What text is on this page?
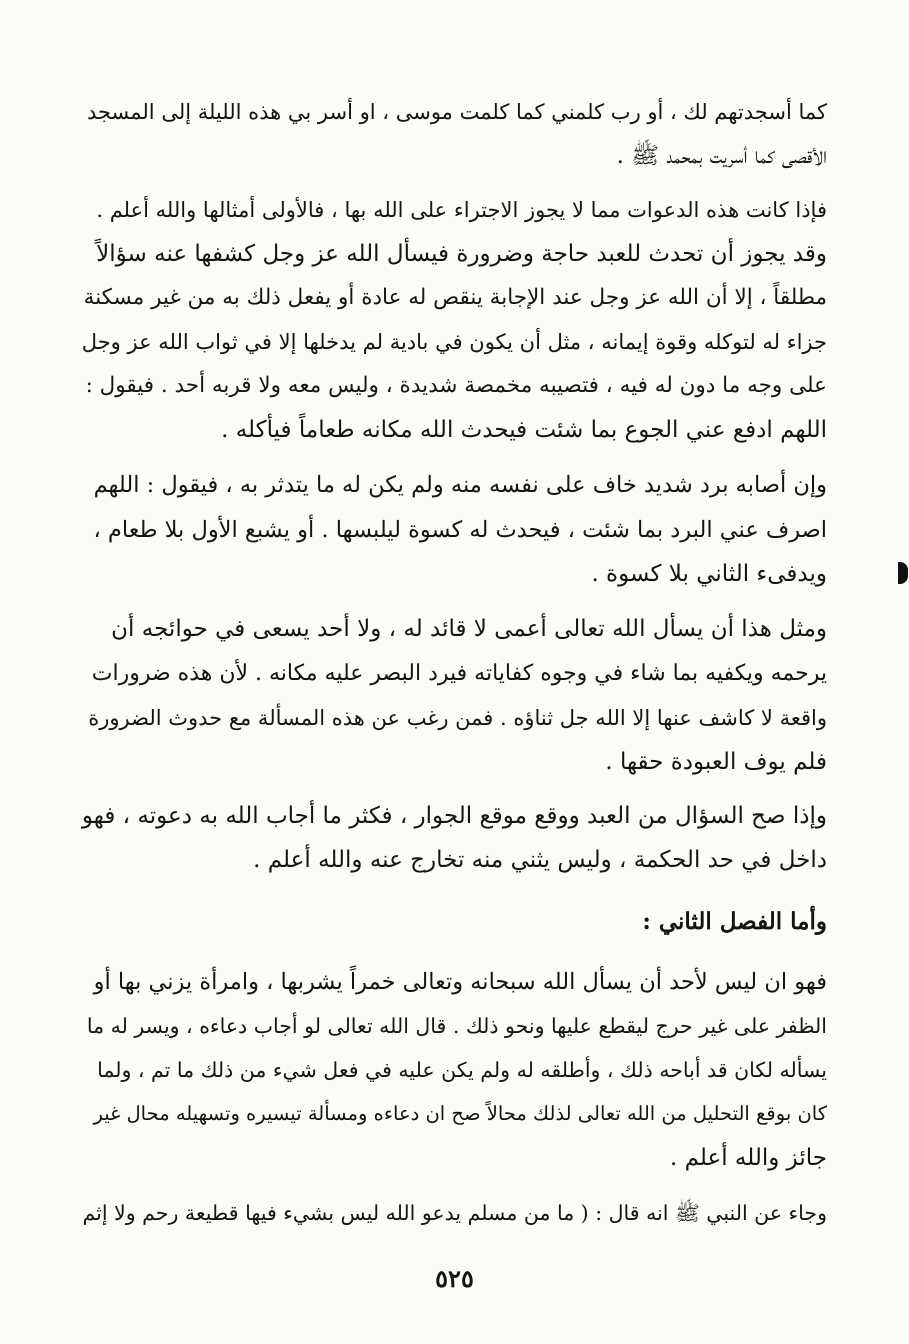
كما أسجدتهم لك ، أو رب كلمني كما كلمت موسى ، او أسر بي هذه الليلة إلى المسجد
الأقصى كما أسريت بمحمد ﷺ .
فإذا كانت هذه الدعوات مما لا يجوز الاجتراء على الله بها ، فالأولى أمثالها والله أعلم .
وقد يجوز أن تحدث للعبد حاجة وضرورة فيسأل الله عز وجل كشفها عنه سؤالاً
مطلقاً ، إلا أن الله عز وجل عند الإجابة ينقص له عادة أو يفعل ذلك به من غير مسكنة
جزاء له لتوكله وقوة إيمانه ، مثل أن يكون في بادية لم يدخلها إلا في ثواب الله عز وجل
على وجه ما دون له فيه ، فتصيبه مخمصة شديدة ، وليس معه ولا قربه أحد . فيقول :
اللهم ادفع عني الجوع بما شئت فيحدث الله مكانه طعاماً فيأكله .
وإن أصابه برد شديد خاف على نفسه منه ولم يكن له ما يتدثر به ، فيقول : اللهم
اصرف عني البرد بما شئت ، فيحدث له كسوة ليلبسها . أو يشبع الأول بلا طعام ،
ويدفىء الثاني بلا كسوة .
ومثل هذا أن يسأل الله تعالى أعمى لا قائد له ، ولا أحد يسعى في حوائجه أن
يرحمه ويكفيه بما شاء في وجوه كفاياته فيرد البصر عليه مكانه . لأن هذه ضرورات
واقعة لا كاشف عنها إلا الله جل ثناؤه . فمن رغب عن هذه المسألة مع حدوث الضرورة
فلم يوف العبودة حقها .
وإذا صح السؤال من العبد ووقع موقع الجوار ، فكثر ما أجاب الله به دعوته ، فهو
داخل في حد الحكمة ، وليس يثني منه تخارج عنه والله أعلم .
وأما الفصل الثاني :
فهو ان ليس لأحد أن يسأل الله سبحانه وتعالى خمراً يشربها ، وامرأة يزني بها أو
الظفر على غير حرج ليقطع عليها ونحو ذلك . قال الله تعالى لو أجاب دعاءه ، ويسر له ما
يسأله لكان قد أباحه ذلك ، وأطلقه له ولم يكن عليه في فعل شيء من ذلك ما تم ، ولما
كان بوقع التحليل من الله تعالى لذلك محالاً صح ان دعاءه ومسألة تيسيره وتسهيله محال غير
جائز والله أعلم .
وجاء عن النبي ﷺ انه قال : ( ما من مسلم يدعو الله ليس بشيء فيها قطيعة رحم ولا إثم
٥٢٥
